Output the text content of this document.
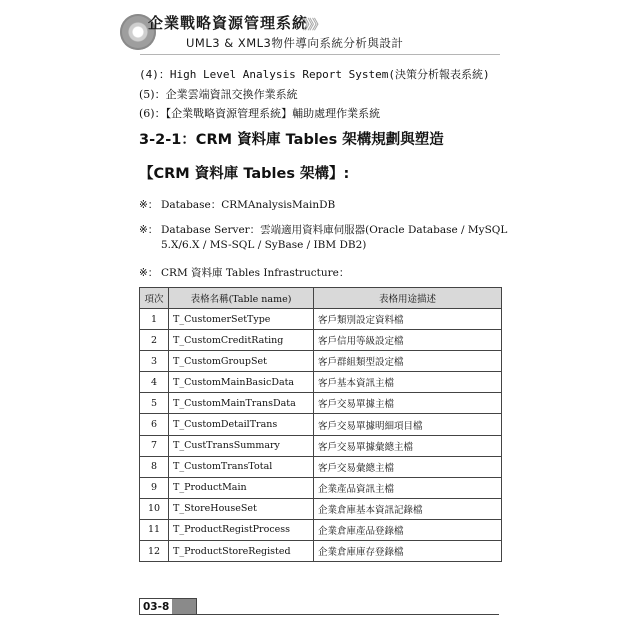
企業戰略資源管理系統
》》》
UML3 & XML3物件導向系統分析與設計
(4)：High Level Analysis Report System(決策分析報表系統)
(5)：企業雲端資訊交換作業系統
(6)：【企業戰略資源管理系統】輔助處理作業系統
3-2-1：CRM 資料庫 Tables 架構規劃與塑造
【CRM 資料庫 Tables 架構】:
※： Database：CRMAnalysisMainDB
※： Database Server：雲端適用資料庫伺服器(Oracle Database / MySQL
5.X/6.X / MS-SQL / SyBase / IBM DB2)
※： CRM 資料庫 Tables Infrastructure：
項次	表格名稱(Table name)	表格用途描述
1	T_CustomerSetType	客戶類別設定資料檔
2	T_CustomCreditRating	客戶信用等級設定檔
3	T_CustomGroupSet	客戶群組類型設定檔
4	T_CustomMainBasicData	客戶基本資訊主檔
5	T_CustomMainTransData	客戶交易單據主檔
6	T_CustomDetailTrans	客戶交易單據明細項目檔
7	T_CustTransSummary	客戶交易單據彙總主檔
8	T_CustomTransTotal	客戶交易彙總主檔
9	T_ProductMain	企業產品資訊主檔
10	T_StoreHouseSet	企業倉庫基本資訊記錄檔
11	T_ProductRegistProcess	企業倉庫產品登錄檔
12	T_ProductStoreRegisted	企業倉庫庫存登錄檔
03-8
